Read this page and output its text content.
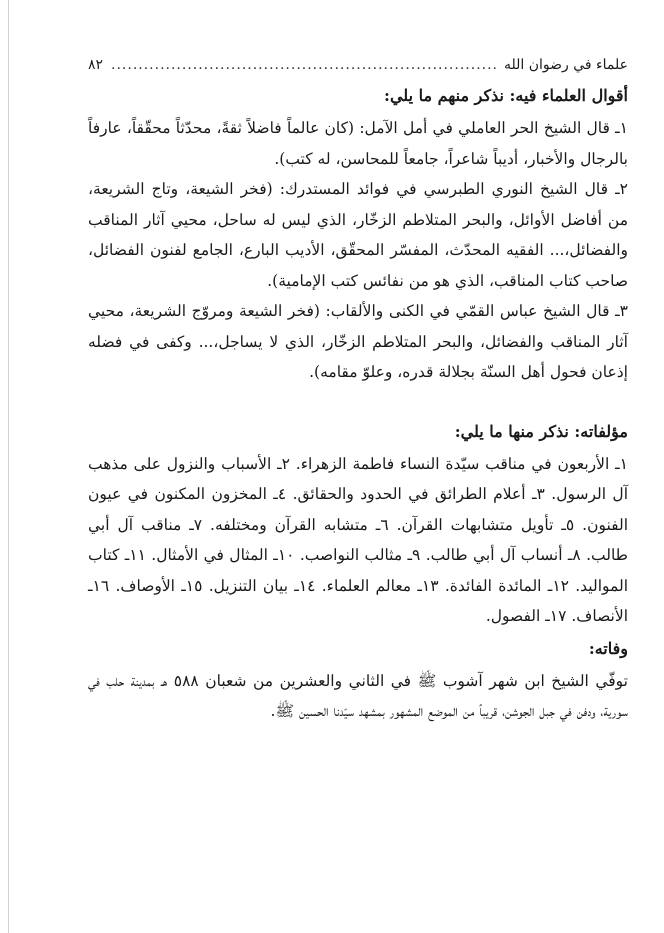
علماء في رضوان الله
.....
٨٢
أقوال العلماء فيه: نذكر منهم ما يلي:

١ـ قال الشيخ الحر العاملي في أمل الآمل: (كان عالماً فاضلاً ثقةً، محدّثاً محقّقاً، عارفاً بالرجال والأخبار، أديباً شاعراً، جامعاً للمحاسن، له كتب).

٢ـ قال الشيخ النوري الطبرسي في فوائد المستدرك: (فخر الشيعة، وتاج الشريعة، من أفاضل الأوائل، والبحر المتلاطم الزخّار، الذي ليس له ساحل، محيي آثار المناقب والفضائل،... الفقيه المحدّث، المفسّر المحقّق، الأديب البارع، الجامع لفنون الفضائل، صاحب كتاب المناقب، الذي هو من نفائس كتب الإمامية).

٣ـ قال الشيخ عباس القمّي في الكنى والألقاب: (فخر الشيعة ومروّج الشريعة، محيي آثار المناقب والفضائل، والبحر المتلاطم الزخّار، الذي لا يساجل،... وكفى في فضله إذعان فحول أهل السنّة بجلالة قدره، وعلوّ مقامه).

مؤلفاته: نذكر منها ما يلي:

١ـ الأربعون في مناقب سيّدة النساء فاطمة الزهراء. ٢ـ الأسباب والنزول على مذهب آل الرسول. ٣ـ أعلام الطرائق في الحدود والحقائق. ٤ـ المخزون المكنون في عيون الفنون. ٥ـ تأويل متشابهات القرآن. ٦ـ متشابه القرآن ومختلفه. ٧ـ مناقب آل أبي طالب. ٨ـ أنساب آل أبي طالب. ٩ـ مثالب النواصب. ١٠ـ المثال في الأمثال. ١١ـ كتاب المواليد. ١٢ـ المائدة الفائدة. ١٣ـ معالم العلماء. ١٤ـ بيان التنزيل. ١٥ـ الأوصاف. ١٦ـ الأنصاف. ١٧ـ الفصول.

وفاته:

توفّي الشيخ ابن شهر آشوب ﷺ في الثاني والعشرين من شعبان ٥٨٨ هـ بمدينة حلب في سورية، ودفن في جبل الجوشن، قريباً من الموضع المشهور بمشهد سيّدنا الحسين ﷺ.
